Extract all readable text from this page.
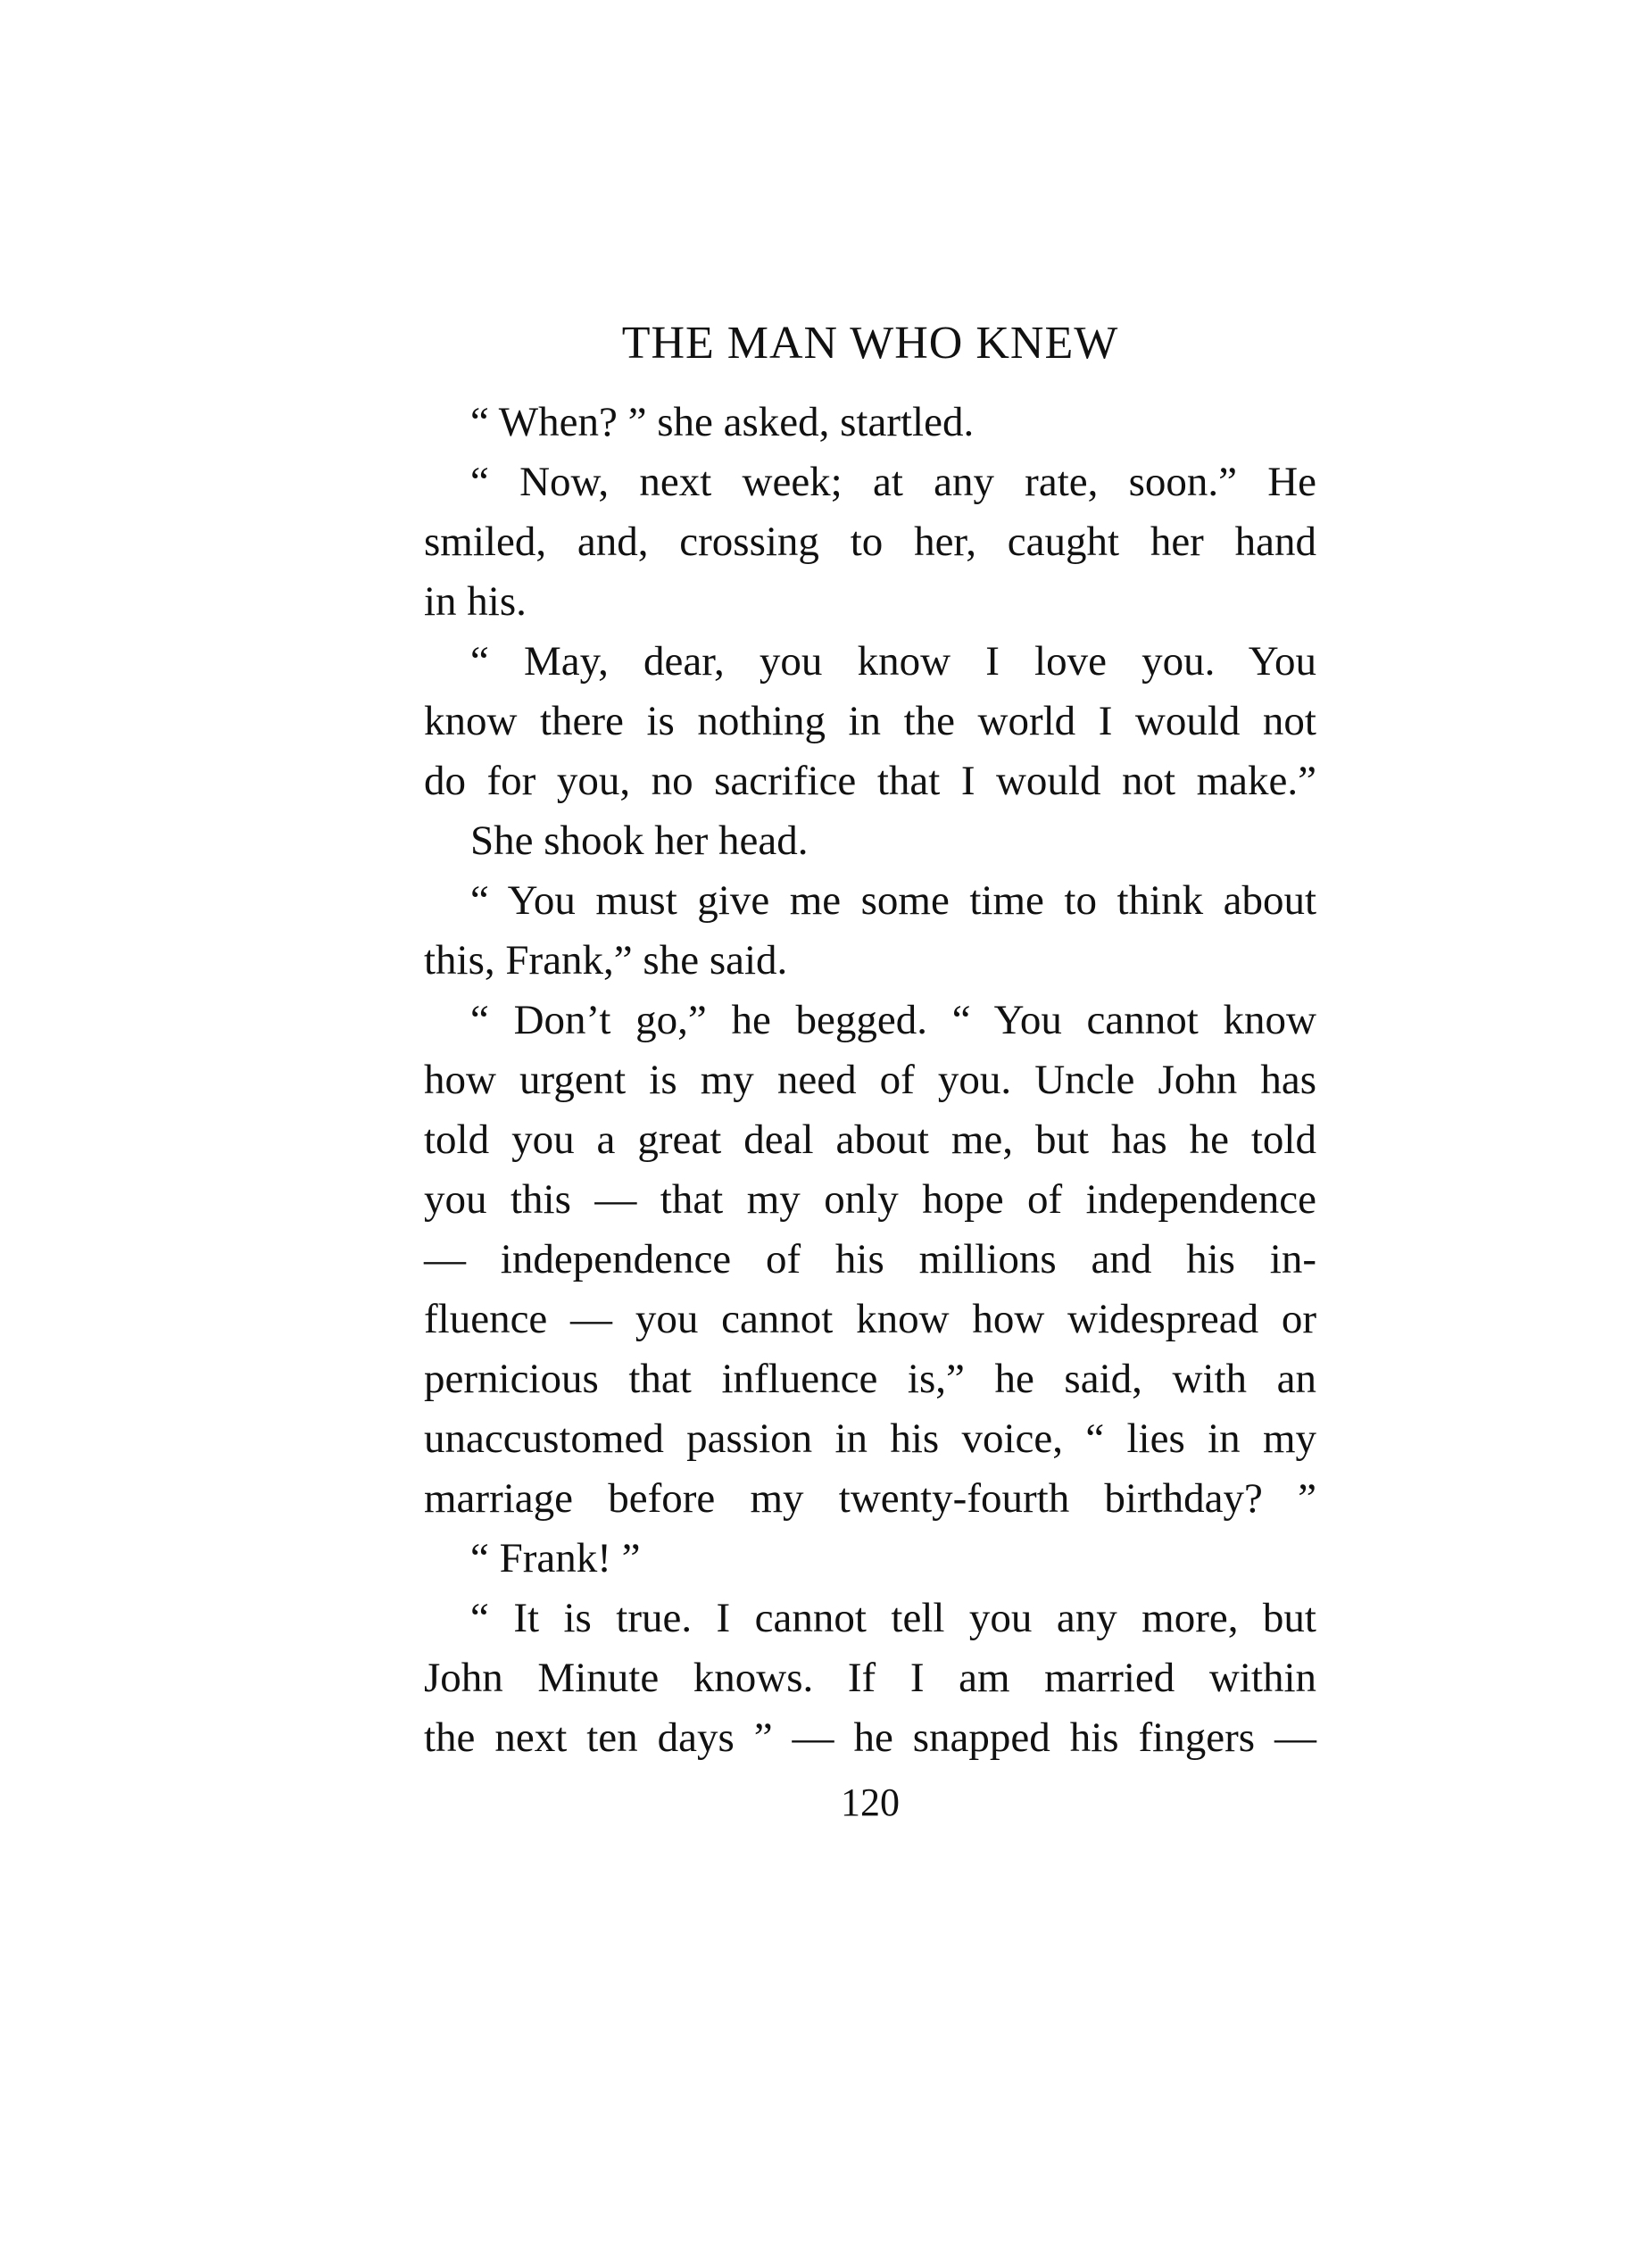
THE MAN WHO KNEW
“ When? ” she asked, startled.
“ Now, next week; at any rate, soon.” He
smiled, and, crossing to her, caught her hand
in his.
“ May, dear, you know I love you. You
know there is nothing in the world I would not
do for you, no sacrifice that I would not make.”
She shook her head.
“ You must give me some time to think about
this, Frank,” she said.
“ Don’t go,” he begged. “ You cannot know
how urgent is my need of you. Uncle John has
told you a great deal about me, but has he told
you this — that my only hope of independence
— independence of his millions and his in-
fluence — you cannot know how widespread or
pernicious that influence is,” he said, with an
unaccustomed passion in his voice, “ lies in my
marriage before my twenty-fourth birthday? ”
“ Frank! ”
“ It is true. I cannot tell you any more, but
John Minute knows. If I am married within
the next ten days ” — he snapped his fingers —
120
